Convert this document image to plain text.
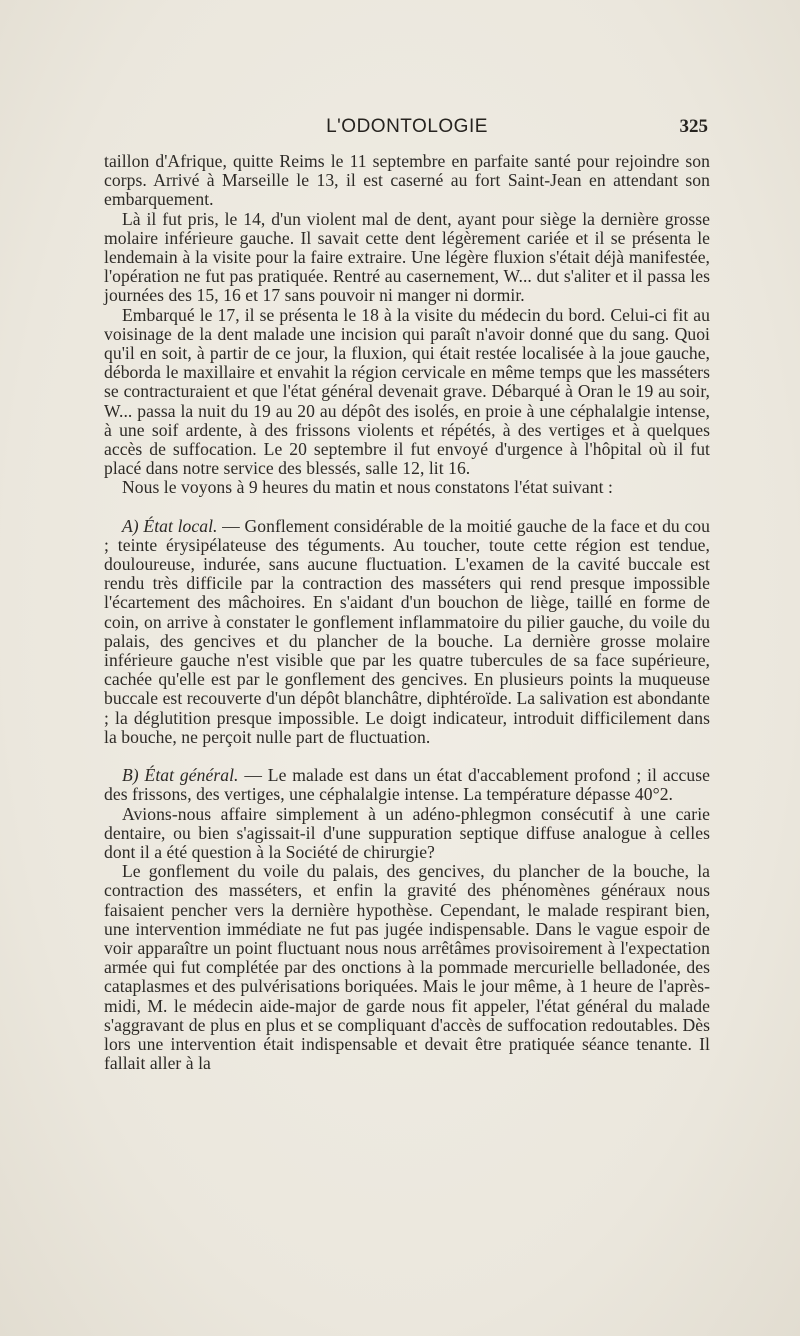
L'ODONTOLOGIE	325

taillon d'Afrique, quitte Reims le 11 septembre en parfaite santé pour rejoindre son corps. Arrivé à Marseille le 13, il est caserné au fort Saint-Jean en attendant son embarquement.

Là il fut pris, le 14, d'un violent mal de dent, ayant pour siège la dernière grosse molaire inférieure gauche. Il savait cette dent légèrement cariée et il se présenta le lendemain à la visite pour la faire extraire. Une légère fluxion s'était déjà manifestée, l'opération ne fut pas pratiquée. Rentré au casernement, W... dut s'aliter et il passa les journées des 15, 16 et 17 sans pouvoir ni manger ni dormir.

Embarqué le 17, il se présenta le 18 à la visite du médecin du bord. Celui-ci fit au voisinage de la dent malade une incision qui paraît n'avoir donné que du sang. Quoi qu'il en soit, à partir de ce jour, la fluxion, qui était restée localisée à la joue gauche, déborda le maxillaire et envahit la région cervicale en même temps que les masséters se contracturaient et que l'état général devenait grave. Débarqué à Oran le 19 au soir, W... passa la nuit du 19 au 20 au dépôt des isolés, en proie à une céphalalgie intense, à une soif ardente, à des frissons violents et répétés, à des vertiges et à quelques accès de suffocation. Le 20 septembre il fut envoyé d'urgence à l'hôpital où il fut placé dans notre service des blessés, salle 12, lit 16.

Nous le voyons à 9 heures du matin et nous constatons l'état suivant :

A) État local. — Gonflement considérable de la moitié gauche de la face et du cou ; teinte érysipélateuse des téguments. Au toucher, toute cette région est tendue, douloureuse, indurée, sans aucune fluctuation. L'examen de la cavité buccale est rendu très difficile par la contraction des masséters qui rend presque impossible l'écartement des mâchoires. En s'aidant d'un bouchon de liège, taillé en forme de coin, on arrive à constater le gonflement inflammatoire du pilier gauche, du voile du palais, des gencives et du plancher de la bouche. La dernière grosse molaire inférieure gauche n'est visible que par les quatre tubercules de sa face supérieure, cachée qu'elle est par le gonflement des gencives. En plusieurs points la muqueuse buccale est recouverte d'un dépôt blanchâtre, diphtéroïde. La salivation est abondante ; la déglutition presque impossible. Le doigt indicateur, introduit difficilement dans la bouche, ne perçoit nulle part de fluctuation.

B) État général. — Le malade est dans un état d'accablement profond ; il accuse des frissons, des vertiges, une céphalalgie intense. La température dépasse 40°2.

Avions-nous affaire simplement à un adéno-phlegmon consécutif à une carie dentaire, ou bien s'agissait-il d'une suppuration septique diffuse analogue à celles dont il a été question à la Société de chirurgie?

Le gonflement du voile du palais, des gencives, du plancher de la bouche, la contraction des masséters, et enfin la gravité des phénomènes généraux nous faisaient pencher vers la dernière hypothèse. Cependant, le malade respirant bien, une intervention immédiate ne fut pas jugée indispensable. Dans le vague espoir de voir apparaître un point fluctuant nous nous arrêtâmes provisoirement à l'expectation armée qui fut complétée par des onctions à la pommade mercurielle belladonée, des cataplasmes et des pulvérisations boriquées. Mais le jour même, à 1 heure de l'après-midi, M. le médecin aide-major de garde nous fit appeler, l'état général du malade s'aggravant de plus en plus et se compliquant d'accès de suffocation redoutables. Dès lors une intervention était indispensable et devait être pratiquée séance tenante. Il fallait aller à la
